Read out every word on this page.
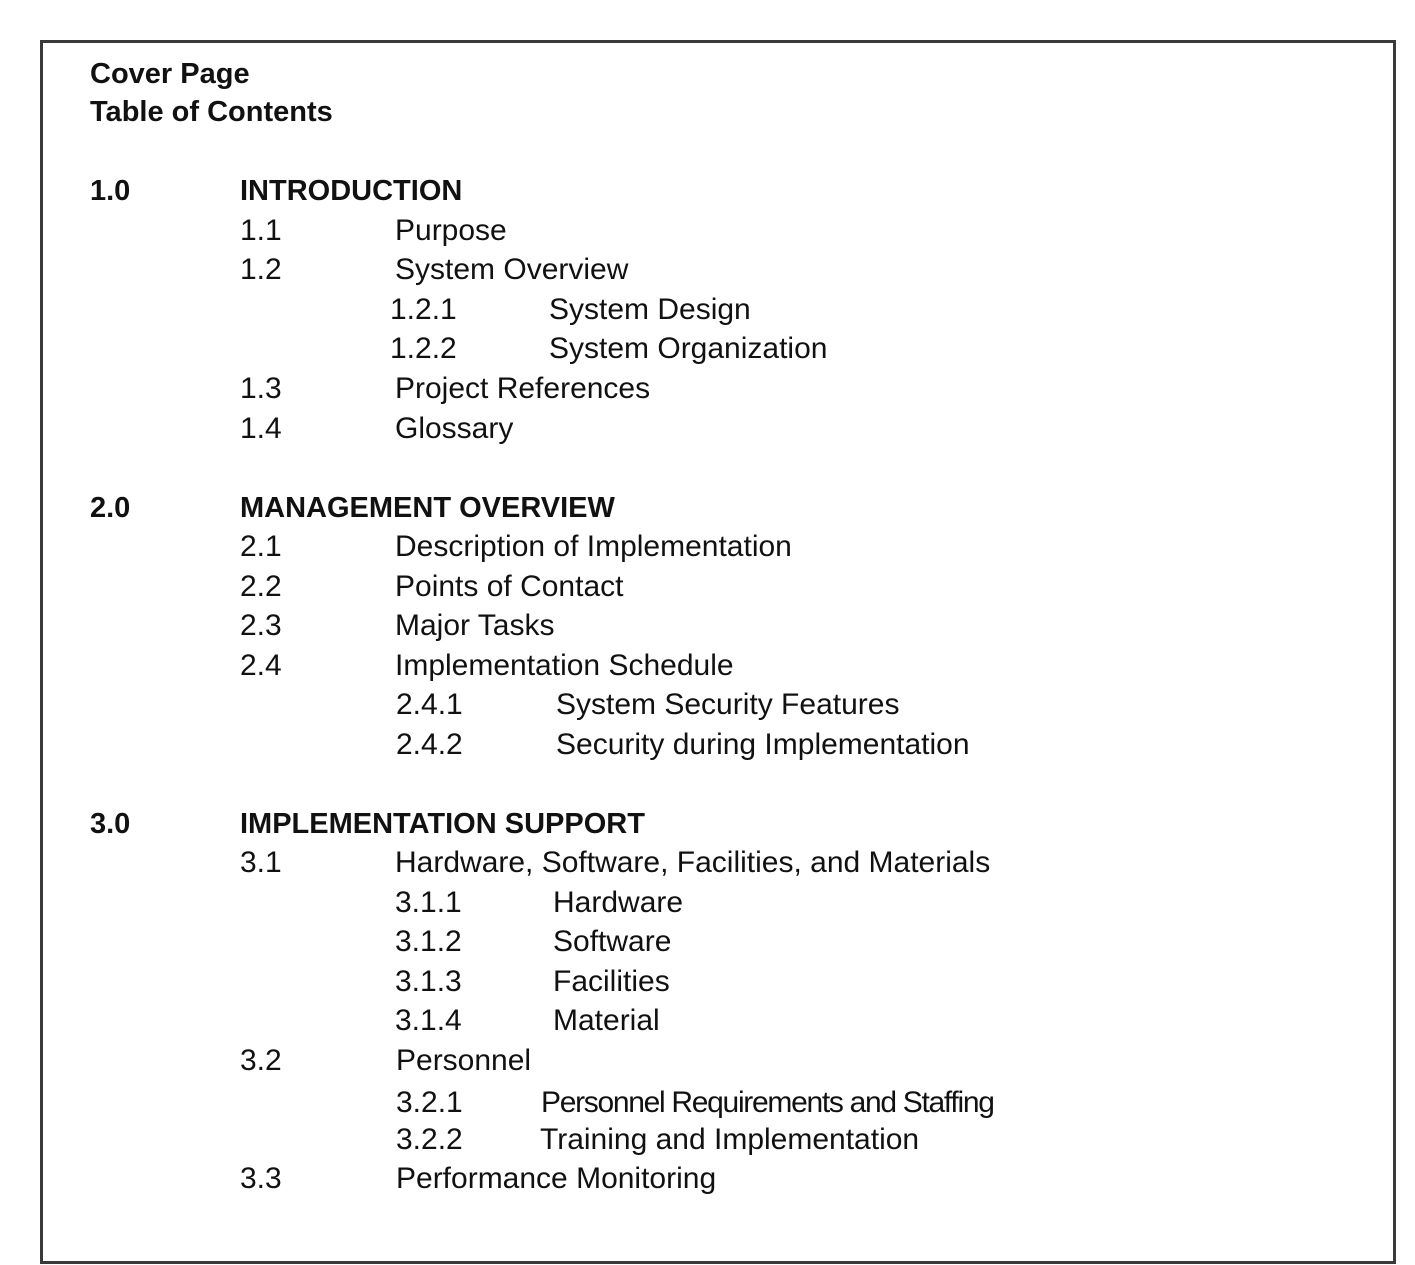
Cover Page
Table of Contents
1.0	INTRODUCTION
1.1	Purpose
1.2	System Overview
1.2.1	System Design
1.2.2	System Organization
1.3	Project References
1.4	Glossary
2.0	MANAGEMENT OVERVIEW
2.1	Description of Implementation
2.2	Points of Contact
2.3	Major Tasks
2.4	Implementation Schedule
2.4.1	System Security Features
2.4.2	Security during Implementation
3.0	IMPLEMENTATION SUPPORT
3.1	Hardware, Software, Facilities, and Materials
3.1.1	Hardware
3.1.2	Software
3.1.3	Facilities
3.1.4	Material
3.2	Personnel
3.2.1	Personnel Requirements and Staffing
3.2.2	Training and Implementation
3.3	Performance Monitoring
